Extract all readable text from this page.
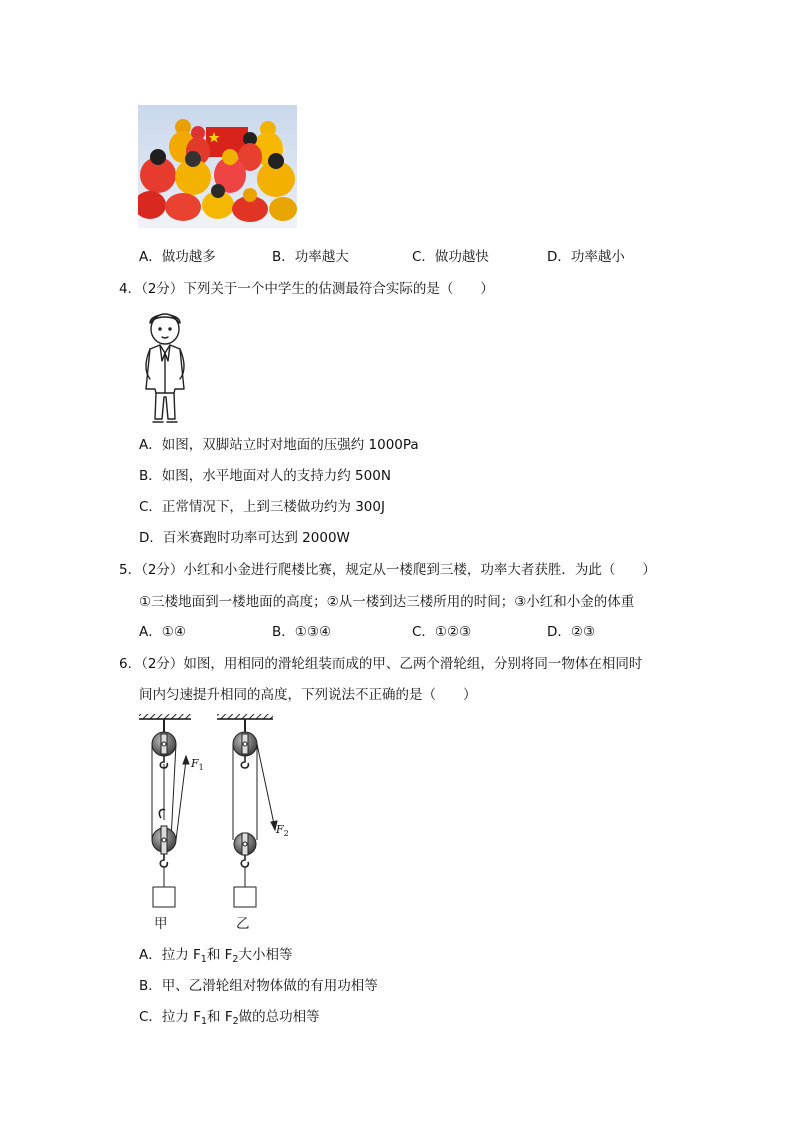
A．做功越多	B．功率越大	C．做功越快	D．功率越小
4．（2分）下列关于一个中学生的估测最符合实际的是（　　）
A．如图，双脚站立时对地面的压强约 1000Pa
B．如图，水平地面对人的支持力约 500N
C．正常情况下，上到三楼做功约为 300J
D．百米赛跑时功率可达到 2000W
5．（2分）小红和小金进行爬楼比赛，规定从一楼爬到三楼，功率大者获胜．为此（　　）
①三楼地面到一楼地面的高度；②从一楼到达三楼所用的时间；③小红和小金的体重
A．①④	B．①③④	C．①②③	D．②③
6．（2分）如图，用相同的滑轮组装而成的甲、乙两个滑轮组，分别将同一物体在相同时
间内匀速提升相同的高度，下列说法不正确的是（　　）
$F_1$
$F_2$
甲	乙
A．拉力 $F_1$和 $F_2$大小相等
B．甲、乙滑轮组对物体做的有用功相等
C．拉力 $F_1$和 $F_2$做的总功相等
